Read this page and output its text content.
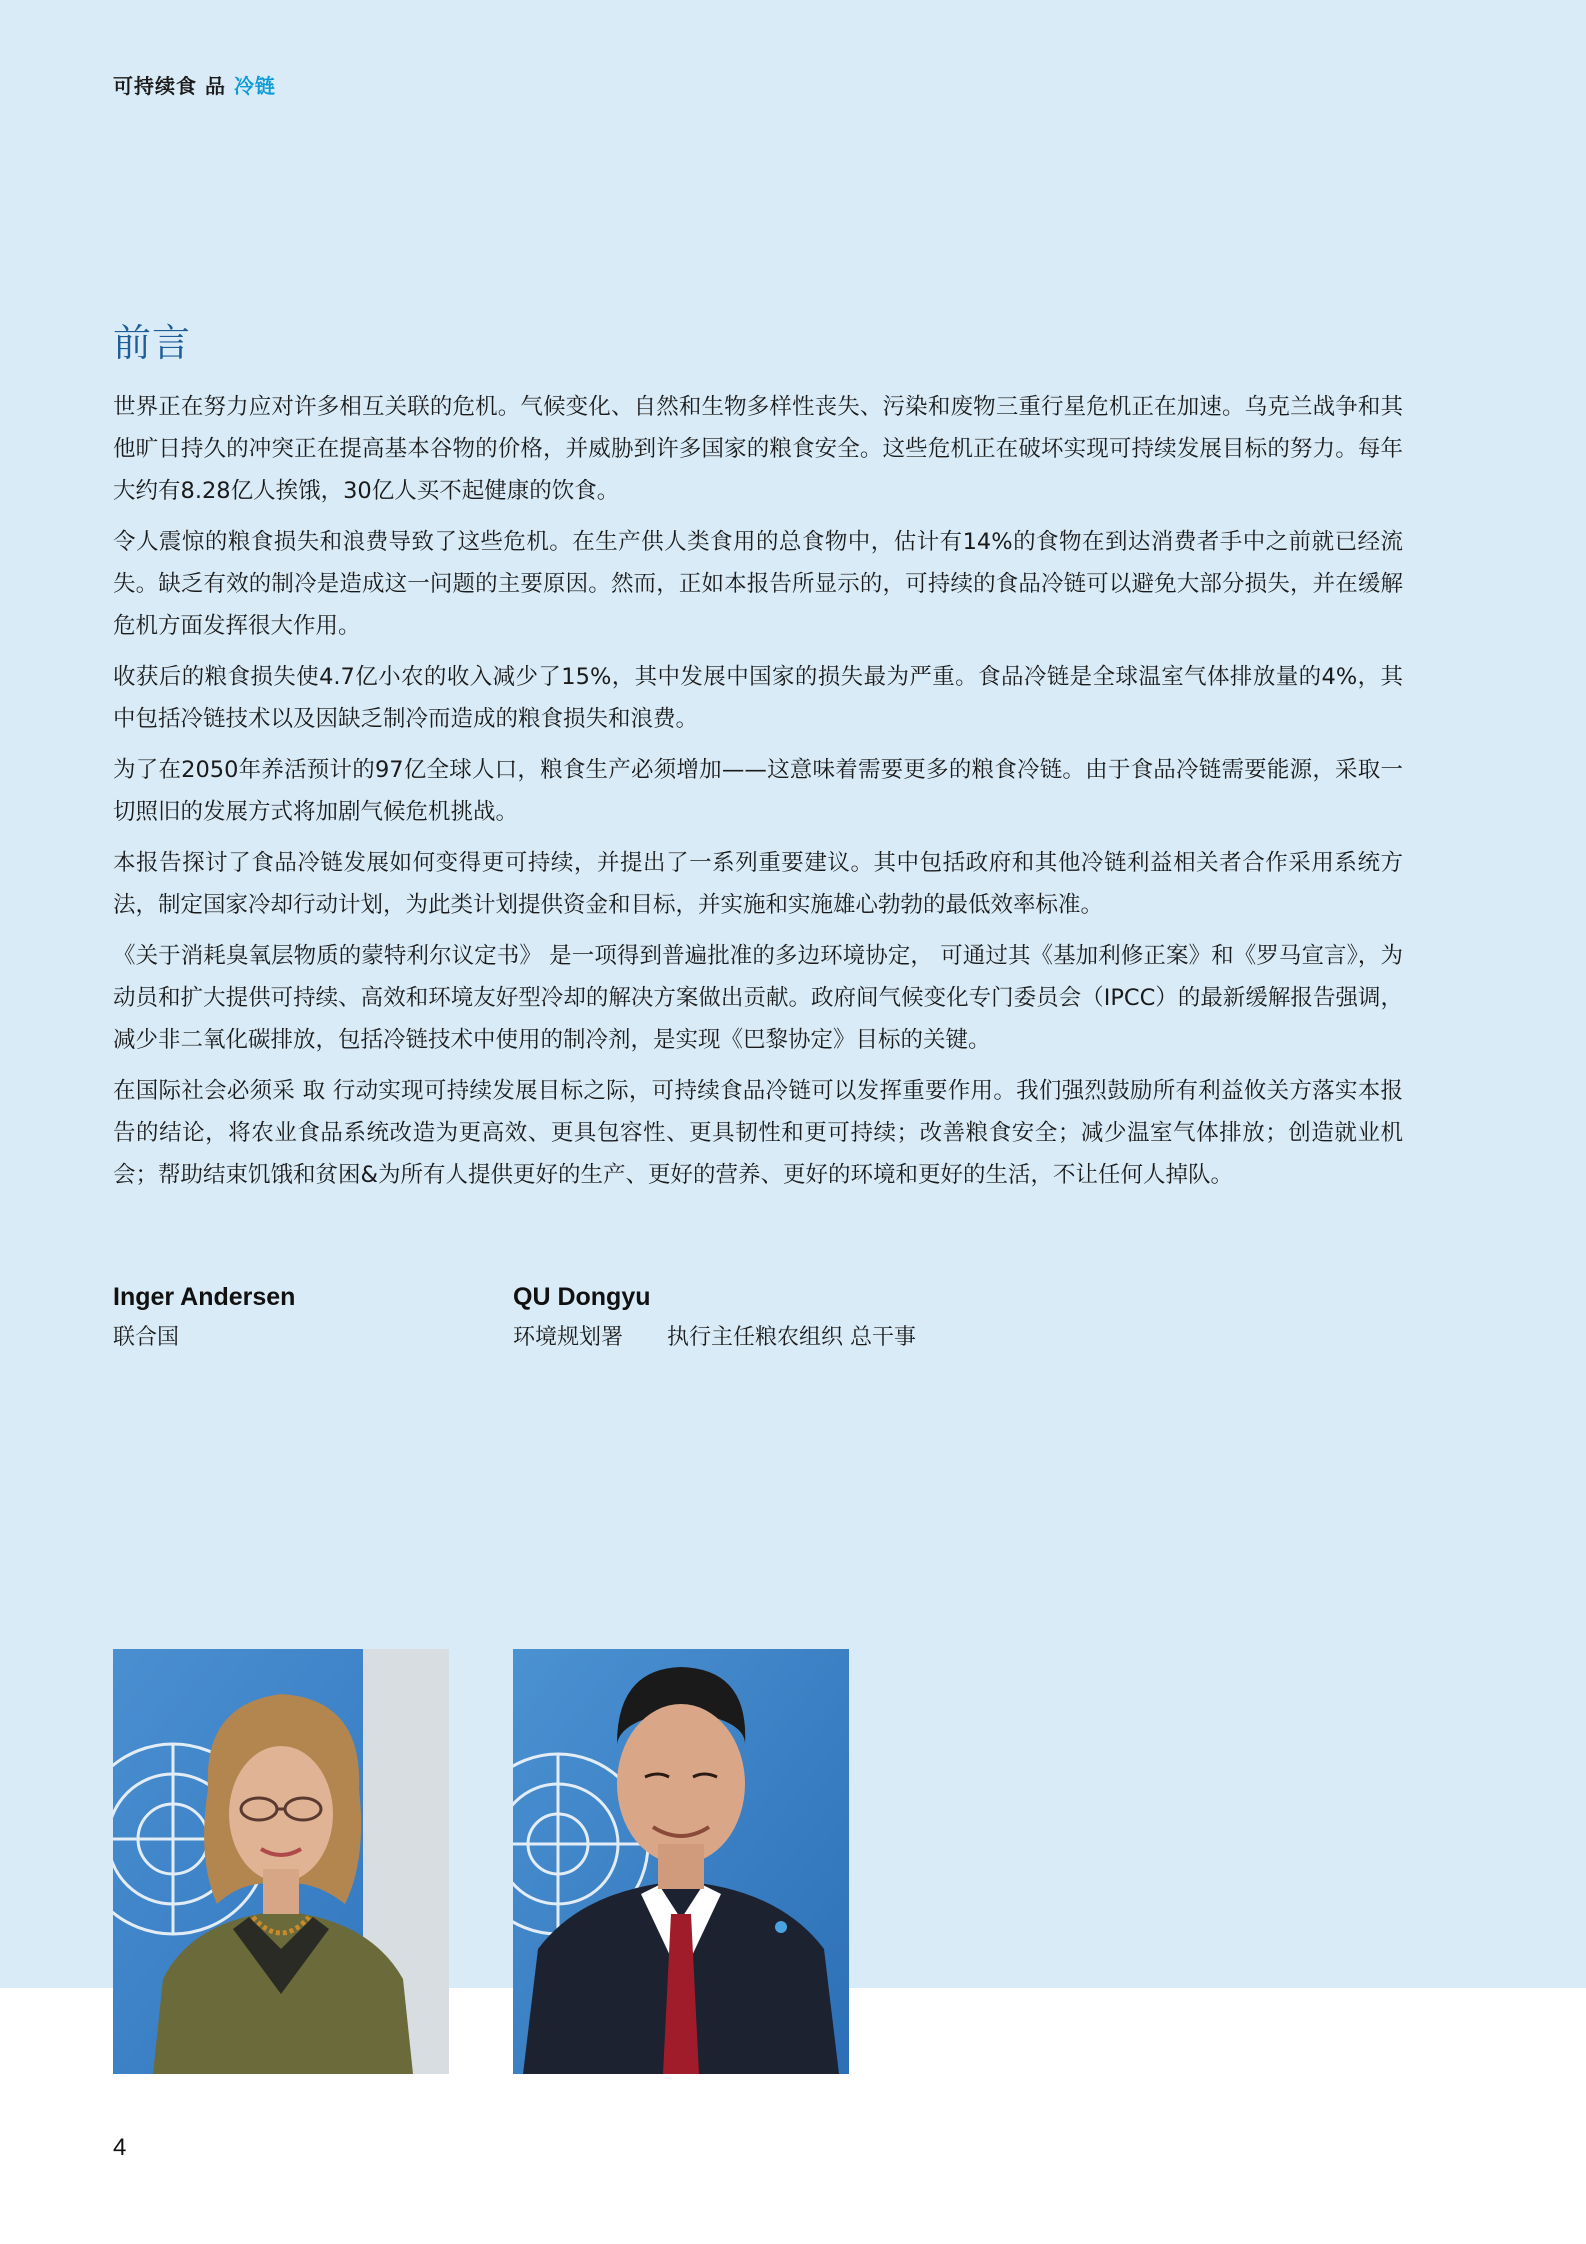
可持续食 品 冷链
前言

世界正在努力应对许多相互关联的危机。气候变化、自然和生物多样性丧失、污染和废物三重行星危机正在加速。乌克兰战争和其他旷日持久的冲突正在提高基本谷物的价格，并威胁到许多国家的粮食安全。这些危机正在破坏实现可持续发展目标的努力。每年大约有8.28亿人挨饿，30亿人买不起健康的饮食。

令人震惊的粮食损失和浪费导致了这些危机。在生产供人类食用的总食物中，估计有14%的食物在到达消费者手中之前就已经流失。缺乏有效的制冷是造成这一问题的主要原因。然而，正如本报告所显示的，可持续的食品冷链可以避免大部分损失，并在缓解危机方面发挥很大作用。

收获后的粮食损失使4.7亿小农的收入减少了15%，其中发展中国家的损失最为严重。食品冷链是全球温室气体排放量的4%，其中包括冷链技术以及因缺乏制冷而造成的粮食损失和浪费。

为了在2050年养活预计的97亿全球人口，粮食生产必须增加——这意味着需要更多的粮食冷链。由于食品冷链需要能源，采取一切照旧的发展方式将加剧气候危机挑战。

本报告探讨了食品冷链发展如何变得更可持续，并提出了一系列重要建议。其中包括政府和其他冷链利益相关者合作采用系统方法，制定国家冷却行动计划，为此类计划提供资金和目标，并实施和实施雄心勃勃的最低效率标准。

《关于消耗臭氧层物质的蒙特利尔议定书》 是一项得到普遍批准的多边环境协定， 可通过其《基加利修正案》和《罗马宣言》，为动员和扩大提供可持续、高效和环境友好型冷却的解决方案做出贡献。政府间气候变化专门委员会（IPCC）的最新缓解报告强调，减少非二氧化碳排放，包括冷链技术中使用的制冷剂，是实现《巴黎协定》目标的关键。

在国际社会必须采 取 行动实现可持续发展目标之际，可持续食品冷链可以发挥重要作用。我们强烈鼓励所有利益攸关方落实本报告的结论，将农业食品系统改造为更高效、更具包容性、更具韧性和更可持续；改善粮食安全；减少温室气体排放；创造就业机会；帮助结束饥饿和贫困&为所有人提供更好的生产、更好的营养、更好的环境和更好的生活，不让任何人掉队。

Inger Andersen
联合国
QU Dongyu
环境规划署　　执行主任粮农组织 总干事
4
